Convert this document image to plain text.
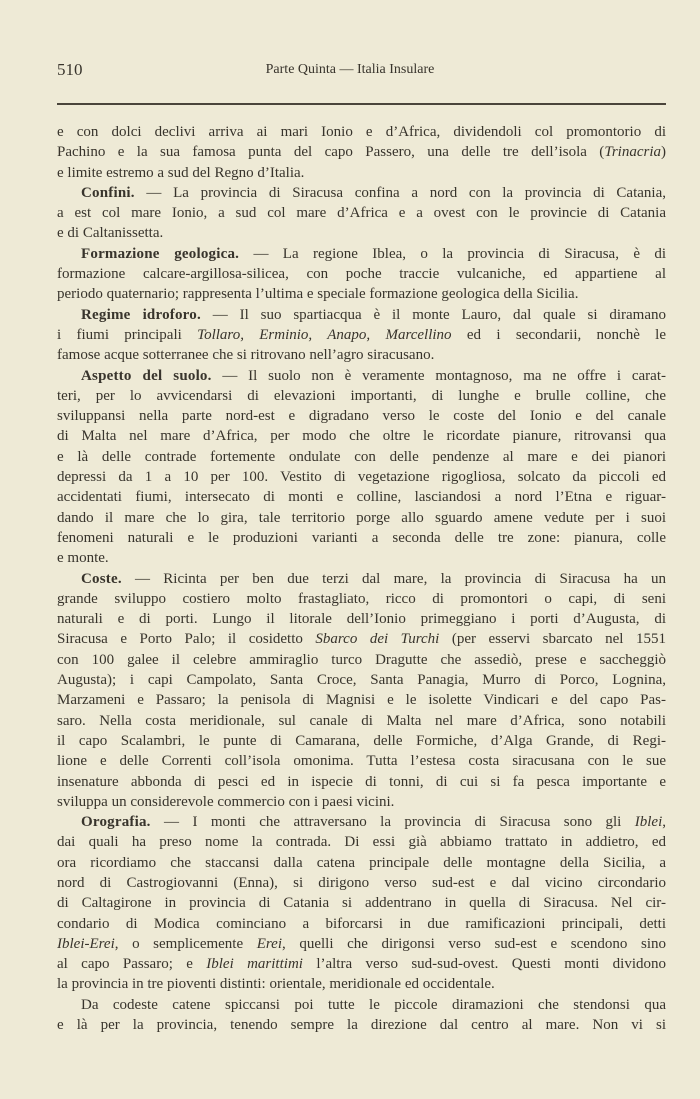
510	Parte Quinta — Italia Insulare
e con dolci declivi arriva ai mari Ionio e d’Africa, dividendoli col promontorio di
Pachino e la sua famosa punta del capo Passero, una delle tre dell’isola (Trinacria)
e limite estremo a sud del Regno d’Italia.
Confini. — La provincia di Siracusa confina a nord con la provincia di Catania,
a est col mare Ionio, a sud col mare d’Africa e a ovest con le provincie di Catania
e di Caltanissetta.
Formazione geologica. — La regione Iblea, o la provincia di Siracusa, è di
formazione calcare-argillosa-silicea, con poche traccie vulcaniche, ed appartiene al
periodo quaternario; rappresenta l’ultima e speciale formazione geologica della Sicilia.
Regime idroforo. — Il suo spartiacqua è il monte Lauro, dal quale si diramano
i fiumi principali Tollaro, Erminio, Anapo, Marcellino ed i secondarii, nonchè le
famose acque sotterranee che si ritrovano nell’agro siracusano.
Aspetto del suolo. — Il suolo non è veramente montagnoso, ma ne offre i carat-
teri, per lo avvicendarsi di elevazioni importanti, di lunghe e brulle colline, che
sviluppansi nella parte nord-est e digradano verso le coste del Ionio e del canale
di Malta nel mare d’Africa, per modo che oltre le ricordate pianure, ritrovansi qua
e là delle contrade fortemente ondulate con delle pendenze al mare e dei pianori
depressi da 1 a 10 per 100. Vestito di vegetazione rigogliosa, solcato da piccoli ed
accidentati fiumi, intersecato di monti e colline, lasciandosi a nord l’Etna e riguar-
dando il mare che lo gira, tale territorio porge allo sguardo amene vedute per i suoi
fenomeni naturali e le produzioni varianti a seconda delle tre zone: pianura, colle
e monte.
Coste. — Ricinta per ben due terzi dal mare, la provincia di Siracusa ha un
grande sviluppo costiero molto frastagliato, ricco di promontori o capi, di seni
naturali e di porti. Lungo il litorale dell’Ionio primeggiano i porti d’Augusta, di
Siracusa e Porto Palo; il cosidetto Sbarco dei Turchi (per esservi sbarcato nel 1551
con 100 galee il celebre ammiraglio turco Dragutte che assediò, prese e saccheggiò
Augusta); i capi Campolato, Santa Croce, Santa Panagia, Murro di Porco, Lognina,
Marzameni e Passaro; la penisola di Magnisi e le isolette Vindicari e del capo Pas-
saro. Nella costa meridionale, sul canale di Malta nel mare d’Africa, sono notabili
il capo Scalambri, le punte di Camarana, delle Formiche, d’Alga Grande, di Regi-
lione e delle Correnti coll’isola omonima. Tutta l’estesa costa siracusana con le sue
insenature abbonda di pesci ed in ispecie di tonni, di cui si fa pesca importante e
sviluppa un considerevole commercio con i paesi vicini.
Orografia. — I monti che attraversano la provincia di Siracusa sono gli Iblei,
dai quali ha preso nome la contrada. Di essi già abbiamo trattato in addietro, ed
ora ricordiamo che staccansi dalla catena principale delle montagne della Sicilia, a
nord di Castrogiovanni (Enna), si dirigono verso sud-est e dal vicino circondario
di Caltagirone in provincia di Catania si addentrano in quella di Siracusa. Nel cir-
condario di Modica cominciano a biforcarsi in due ramificazioni principali, detti
Iblei-Erei, o semplicemente Erei, quelli che dirigonsi verso sud-est e scendono sino
al capo Passaro; e Iblei marittimi l’altra verso sud-sud-ovest. Questi monti dividono
la provincia in tre pioventi distinti: orientale, meridionale ed occidentale.
Da codeste catene spiccansi poi tutte le piccole diramazioni che stendonsi qua
e là per la provincia, tenendo sempre la direzione dal centro al mare. Non vi si
